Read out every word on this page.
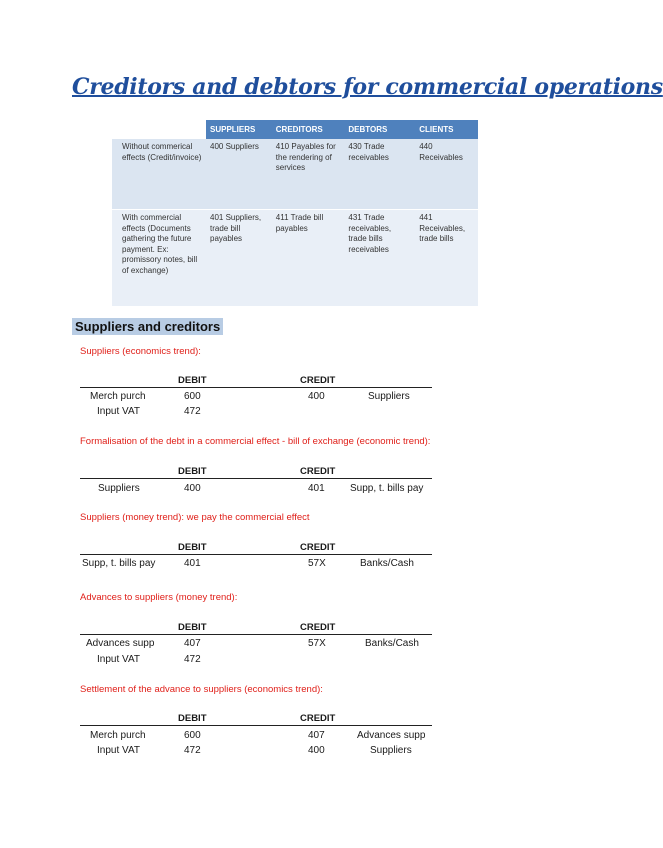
Creditors and debtors for commercial operations
	SUPPLIERS	CREDITORS	DEBTORS	CLIENTS
Without commerical effects (Credit/invoice)	400 Suppliers	410 Payables for the rendering of services	430 Trade receivables	440 Receivables
With commercial effects (Documents gathering the future payment. Ex: promissory notes, bill of exchange)	401 Suppliers, trade bill payables	411 Trade bill payables	431 Trade receivables, trade bills receivables	441 Receivables, trade bills
Suppliers and creditors
Suppliers (economics trend):
DEBIT	CREDIT
Merch purch	600	400	Suppliers
Input VAT	472
Formalisation of the debt in a commercial effect - bill of exchange (economic trend):
DEBIT	CREDIT
Suppliers	400	401	Supp, t. bills pay
Suppliers (money trend): we pay the commercial effect
DEBIT	CREDIT
Supp, t. bills pay	401	57X	Banks/Cash
Advances to suppliers (money trend):
DEBIT	CREDIT
Advances supp	407	57X	Banks/Cash
Input VAT	472
Settlement of the advance to suppliers (economics trend):
DEBIT	CREDIT
Merch purch	600	407	Advances supp
Input VAT	472	400	Suppliers
